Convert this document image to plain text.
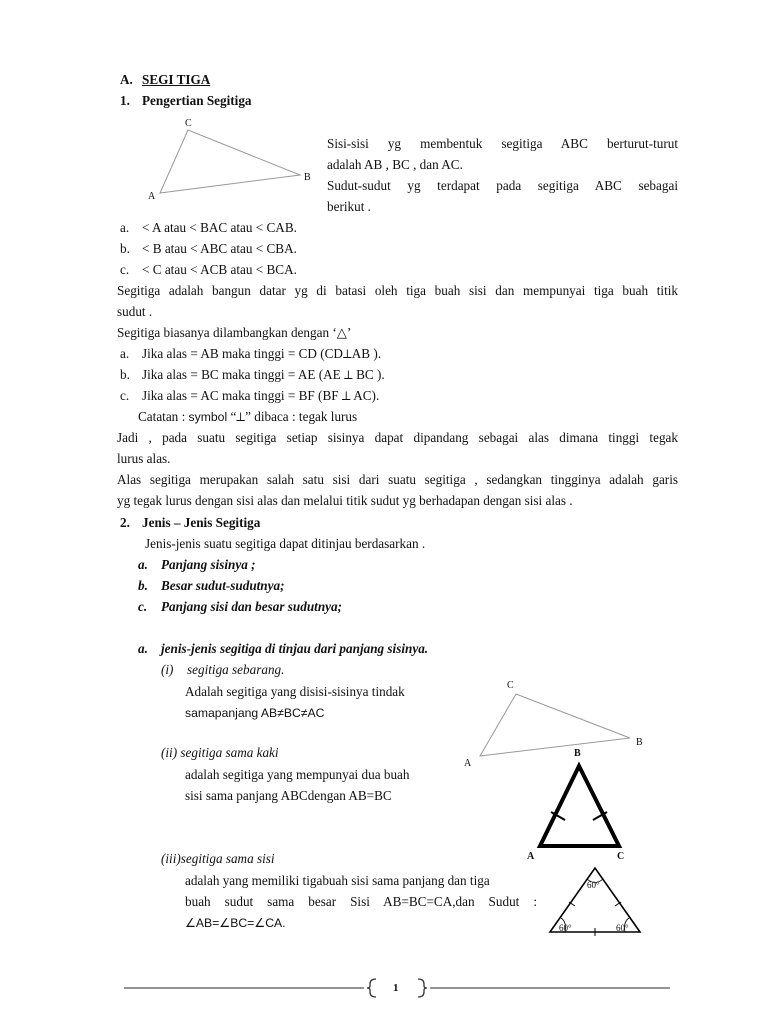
A. SEGI TIGA
1. Pengertian Segitiga
C
B
A
Sisi-sisi yg membentuk segitiga ABC berturut-turut
adalah AB , BC , dan AC.
Sudut-sudut yg terdapat pada segitiga ABC sebagai
berikut .
a. < A atau < BAC atau < CAB.
b. < B atau < ABC atau < CBA.
c. < C atau < ACB atau < BCA.
Segitiga adalah bangun datar yg di batasi oleh tiga buah sisi dan mempunyai tiga buah titik
sudut .
Segitiga biasanya dilambangkan dengan ‘△’
a. Jika alas = AB maka tinggi = CD (CD⟂AB ).
b. Jika alas = BC maka tinggi = AE (AE ⟂ BC ).
c. Jika alas = AC maka tinggi = BF (BF ⟂ AC).
Catatan : symbol “⟂” dibaca : tegak lurus
Jadi , pada suatu segitiga setiap sisinya dapat dipandang sebagai alas dimana tinggi tegak
lurus alas.
Alas segitiga merupakan salah satu sisi dari suatu segitiga , sedangkan tingginya adalah garis
yg tegak lurus dengan sisi alas dan melalui titik sudut yg berhadapan dengan sisi alas .
2. Jenis – Jenis Segitiga
Jenis-jenis suatu segitiga dapat ditinjau berdasarkan .
a. Panjang sisinya ;
b. Besar sudut-sudutnya;
c. Panjang sisi dan besar sudutnya;
a. jenis-jenis segitiga di tinjau dari panjang sisinya.
(i) segitiga sebarang.
Adalah segitiga yang disisi-sisinya tindak
samapanjang AB≠BC≠AC
C
B
A
(ii) segitiga sama kaki
adalah segitiga yang mempunyai dua buah
sisi sama panjang ABCdengan AB=BC
B
A	C
(iii)segitiga sama sisi
adalah yang memiliki tigabuah sisi sama panjang dan tiga
buah sudut sama besar Sisi AB=BC=CA,dan Sudut :
∠AB=∠BC=∠CA.
60°
60°	60°
1
